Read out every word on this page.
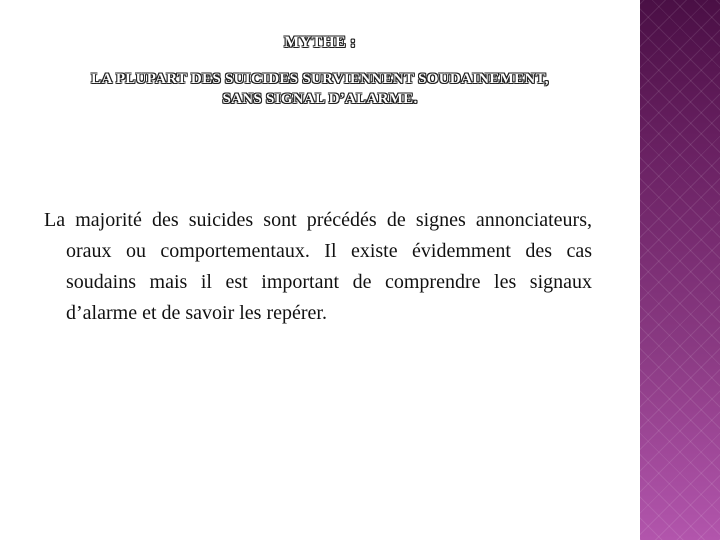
MYTHE :
LA PLUPART DES SUICIDES SURVIENNENT SOUDAINEMENT,
SANS SIGNAL D’ALARME.
La majorité des suicides sont précédés de signes annonciateurs, oraux ou comportementaux. Il existe évidemment des cas soudains mais il est important de comprendre les signaux d’alarme et de savoir les repérer.
